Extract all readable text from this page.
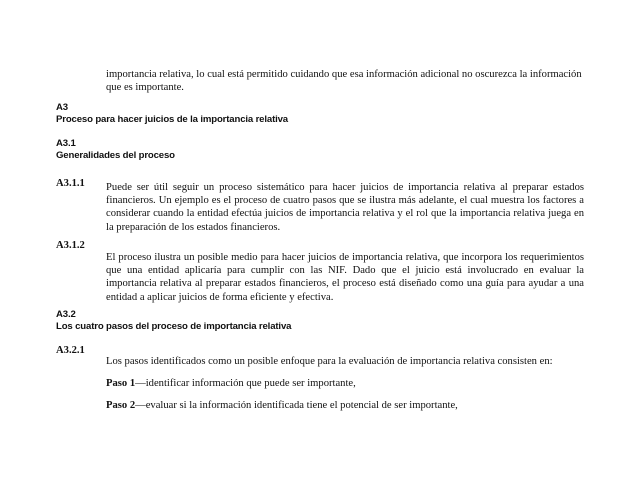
importancia relativa, lo cual está permitido cuidando que esa información adicional no oscurezca la información
que es importante.
A3
Proceso para hacer juicios de la importancia relativa
A3.1
Generalidades del proceso
A3.1.1 Puede ser útil seguir un proceso sistemático para hacer juicios de importancia relativa al preparar estados financieros. Un ejemplo es el proceso de cuatro pasos que se ilustra más adelante, el cual muestra los factores a considerar cuando la entidad efectúa juicios de importancia relativa y el rol que la importancia relativa juega en la preparación de los estados financieros.
A3.1.2
El proceso ilustra un posible medio para hacer juicios de importancia relativa, que incorpora los requerimientos que una entidad aplicaría para cumplir con las NIF. Dado que el juicio está involucrado en evaluar la importancia relativa al preparar estados financieros, el proceso está diseñado como una guía para ayudar a una entidad a aplicar juicios de forma eficiente y efectiva.
A3.2
Los cuatro pasos del proceso de importancia relativa
A3.2.1
Los pasos identificados como un posible enfoque para la evaluación de importancia relativa consisten en:
Paso 1—identificar información que puede ser importante,
Paso 2—evaluar si la información identificada tiene el potencial de ser importante,
